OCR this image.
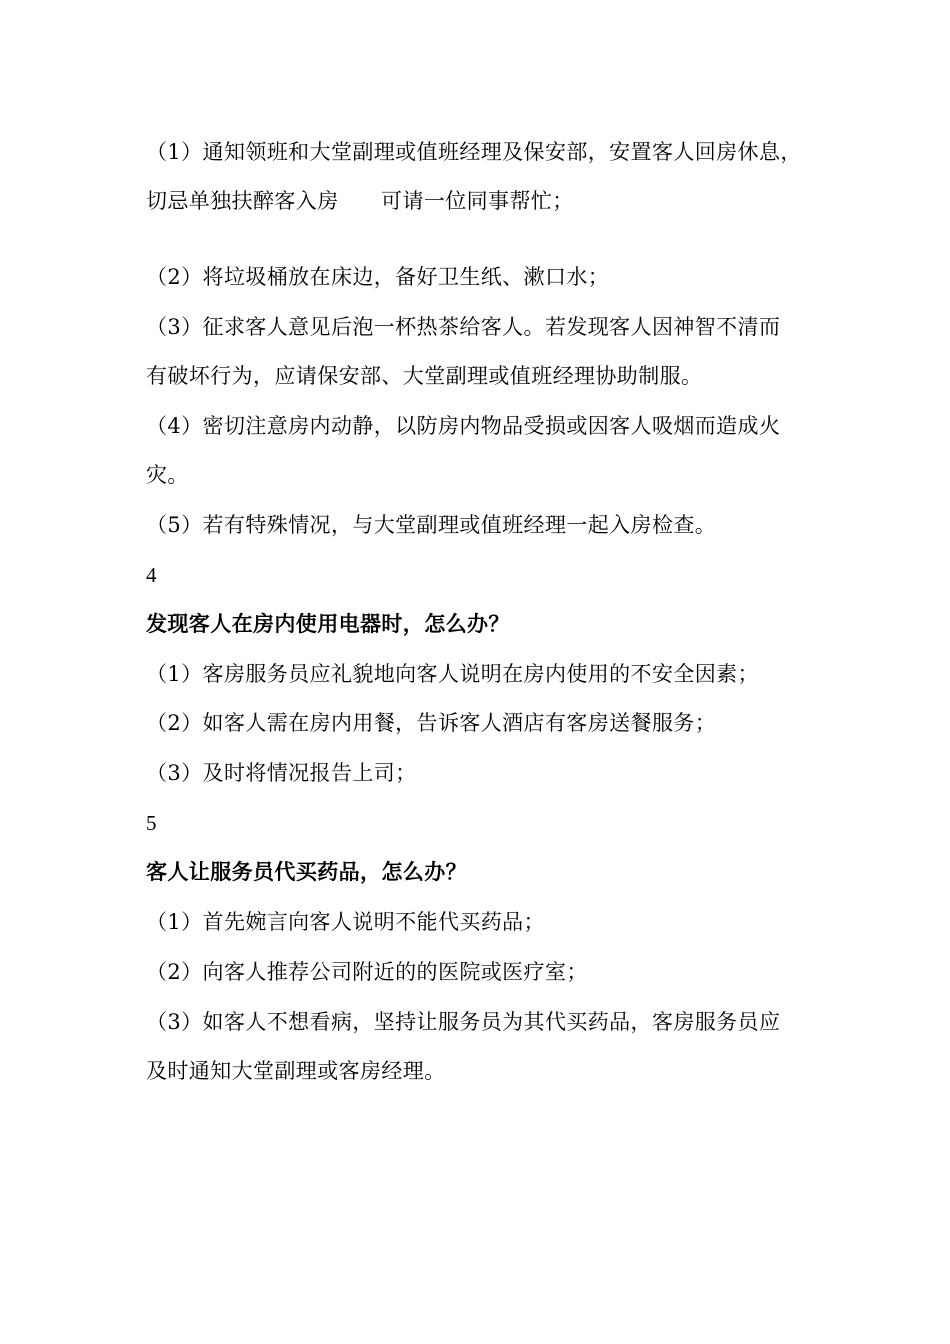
（1）通知领班和大堂副理或值班经理及保安部，安置客人回房休息，
切忌单独扶醉客入房      可请一位同事帮忙；
（2）将垃圾桶放在床边，备好卫生纸、漱口水；
（3）征求客人意见后泡一杯热茶给客人。若发现客人因神智不清而
有破坏行为，应请保安部、大堂副理或值班经理协助制服。
（4）密切注意房内动静，以防房内物品受损或因客人吸烟而造成火
灾。
（5）若有特殊情况，与大堂副理或值班经理一起入房检查。
4
发现客人在房内使用电器时，怎么办？
（1）客房服务员应礼貌地向客人说明在房内使用的不安全因素；
（2）如客人需在房内用餐，告诉客人酒店有客房送餐服务；
（3）及时将情况报告上司；
5
客人让服务员代买药品，怎么办？
（1）首先婉言向客人说明不能代买药品；
（2）向客人推荐公司附近的的医院或医疗室；
（3）如客人不想看病，坚持让服务员为其代买药品，客房服务员应
及时通知大堂副理或客房经理。
